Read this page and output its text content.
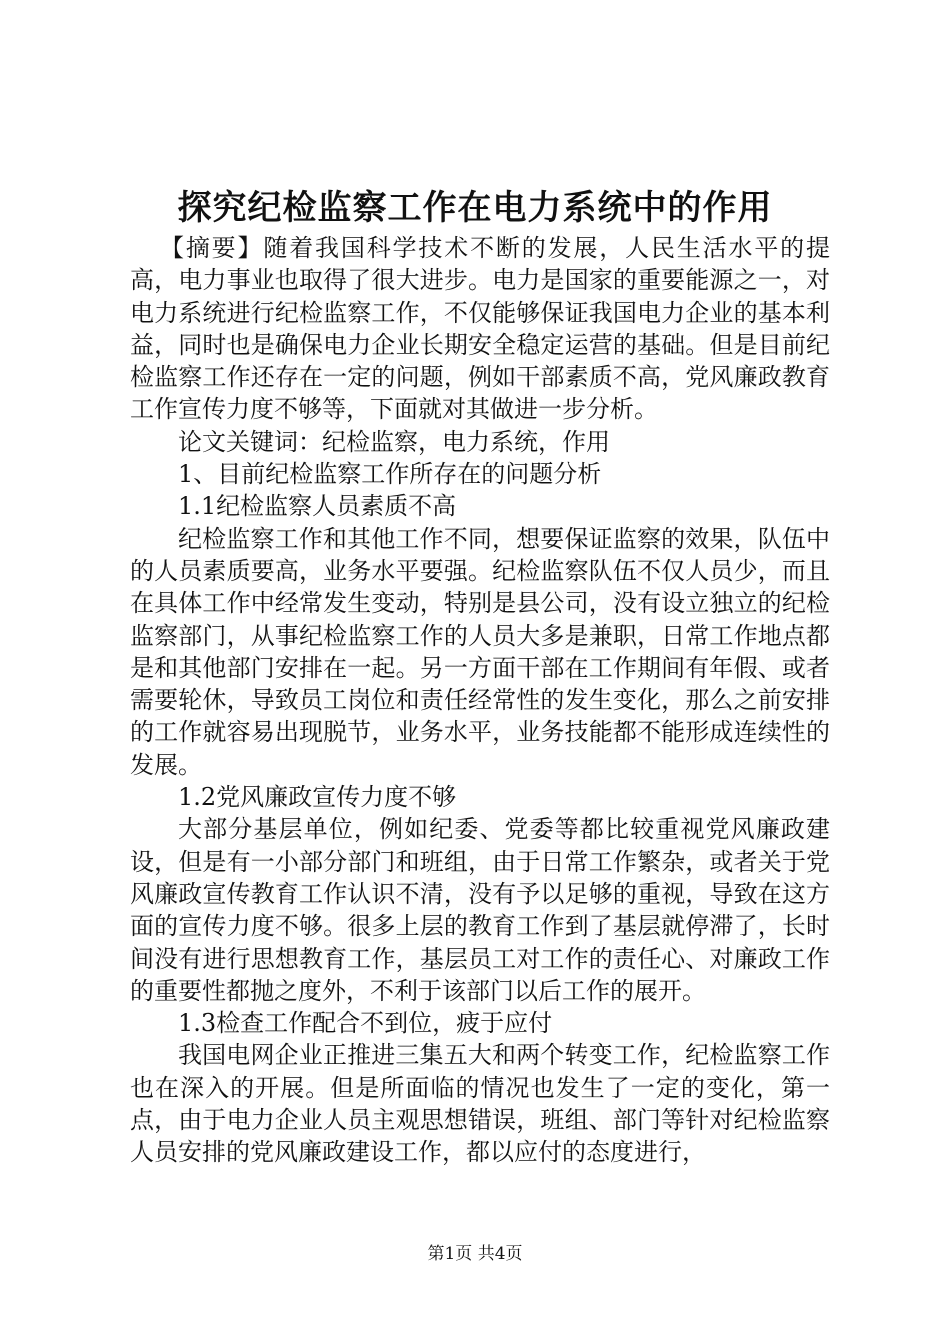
探究纪检监察工作在电力系统中的作用

【摘要】随着我国科学技术不断的发展，人民生活水平的提高，电力事业也取得了很大进步。电力是国家的重要能源之一，对电力系统进行纪检监察工作，不仅能够保证我国电力企业的基本利益，同时也是确保电力企业长期安全稳定运营的基础。但是目前纪检监察工作还存在一定的问题，例如干部素质不高，党风廉政教育工作宣传力度不够等，下面就对其做进一步分析。

论文关键词：纪检监察，电力系统，作用

1、目前纪检监察工作所存在的问题分析

1.1纪检监察人员素质不高

纪检监察工作和其他工作不同，想要保证监察的效果，队伍中的人员素质要高，业务水平要强。纪检监察队伍不仅人员少，而且在具体工作中经常发生变动，特别是县公司，没有设立独立的纪检监察部门，从事纪检监察工作的人员大多是兼职，日常工作地点都是和其他部门安排在一起。另一方面干部在工作期间有年假、或者需要轮休，导致员工岗位和责任经常性的发生变化，那么之前安排的工作就容易出现脱节，业务水平，业务技能都不能形成连续性的发展。

1.2党风廉政宣传力度不够

大部分基层单位，例如纪委、党委等都比较重视党风廉政建设，但是有一小部分部门和班组，由于日常工作繁杂，或者关于党风廉政宣传教育工作认识不清，没有予以足够的重视，导致在这方面的宣传力度不够。很多上层的教育工作到了基层就停滞了，长时间没有进行思想教育工作，基层员工对工作的责任心、对廉政工作的重要性都抛之度外，不利于该部门以后工作的展开。

1.3检查工作配合不到位，疲于应付

我国电网企业正推进三集五大和两个转变工作，纪检监察工作也在深入的开展。但是所面临的情况也发生了一定的变化，第一点，由于电力企业人员主观思想错误，班组、部门等针对纪检监察人员安排的党风廉政建设工作，都以应付的态度进行，

第1页 共4页
